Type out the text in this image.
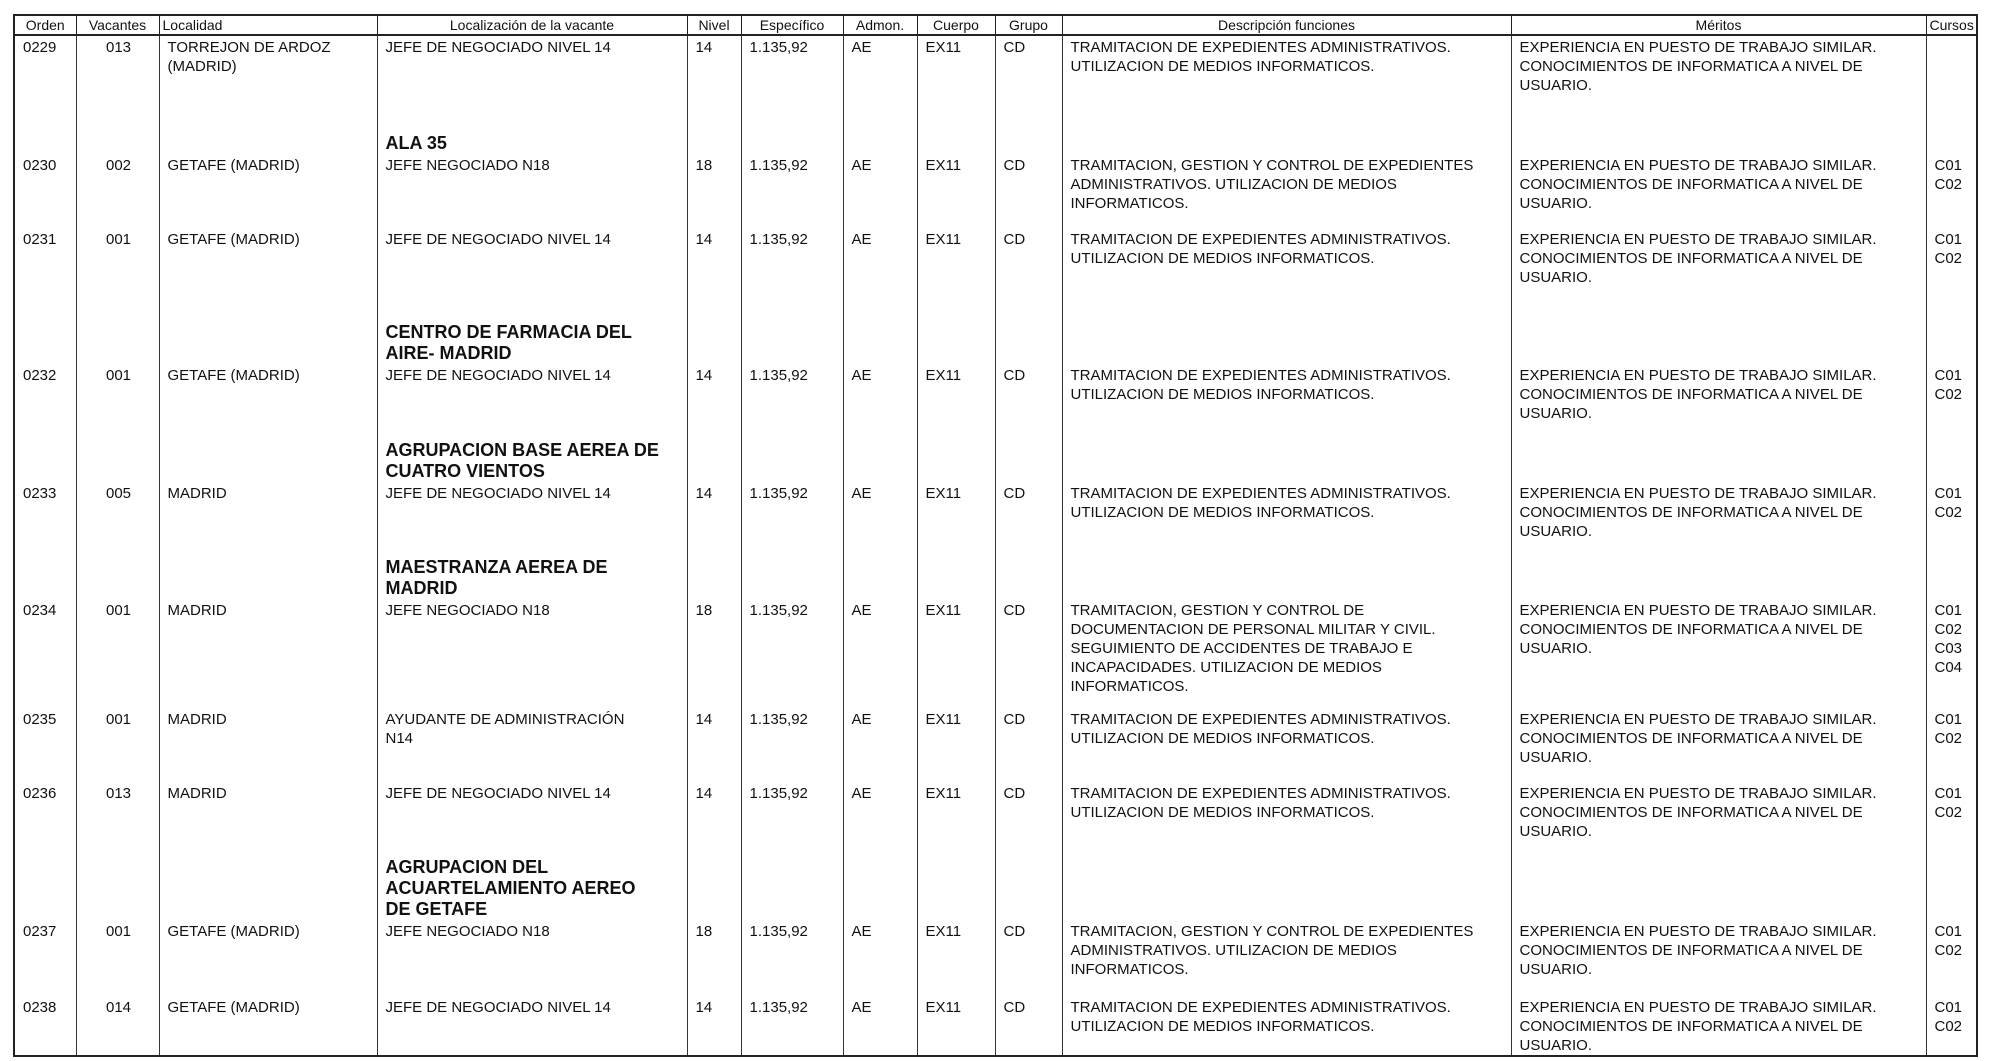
Orden	Vacantes	Localidad	Localización de la vacante	Nivel	Específico	Admon.	Cuerpo	Grupo	Descripción funciones	Méritos	Cursos
0229	013	TORREJON DE ARDOZ
(MADRID)	JEFE DE NEGOCIADO NIVEL 14	14	1.135,92	AE	EX11	CD	TRAMITACION DE EXPEDIENTES ADMINISTRATIVOS.
UTILIZACION DE MEDIOS INFORMATICOS.	EXPERIENCIA EN PUESTO DE TRABAJO SIMILAR.
CONOCIMIENTOS DE INFORMATICA A NIVEL DE
USUARIO.	

			ALA 35								

0230	002	GETAFE (MADRID)	JEFE NEGOCIADO N18	18	1.135,92	AE	EX11	CD	TRAMITACION, GESTION Y CONTROL DE EXPEDIENTES
ADMINISTRATIVOS. UTILIZACION DE MEDIOS
INFORMATICOS.	EXPERIENCIA EN PUESTO DE TRABAJO SIMILAR.
CONOCIMIENTOS DE INFORMATICA A NIVEL DE
USUARIO.	C01
C02
0231	001	GETAFE (MADRID)	JEFE DE NEGOCIADO NIVEL 14	14	1.135,92	AE	EX11	CD	TRAMITACION DE EXPEDIENTES ADMINISTRATIVOS.
UTILIZACION DE MEDIOS INFORMATICOS.	EXPERIENCIA EN PUESTO DE TRABAJO SIMILAR.
CONOCIMIENTOS DE INFORMATICA A NIVEL DE
USUARIO.	C01
C02

			CENTRO DE FARMACIA DEL
AIRE- MADRID								

0232	001	GETAFE (MADRID)	JEFE DE NEGOCIADO NIVEL 14	14	1.135,92	AE	EX11	CD	TRAMITACION DE EXPEDIENTES ADMINISTRATIVOS.
UTILIZACION DE MEDIOS INFORMATICOS.	EXPERIENCIA EN PUESTO DE TRABAJO SIMILAR.
CONOCIMIENTOS DE INFORMATICA A NIVEL DE
USUARIO.	C01
C02

			AGRUPACION BASE AEREA DE
CUATRO VIENTOS								

0233	005	MADRID	JEFE DE NEGOCIADO NIVEL 14	14	1.135,92	AE	EX11	CD	TRAMITACION DE EXPEDIENTES ADMINISTRATIVOS.
UTILIZACION DE MEDIOS INFORMATICOS.	EXPERIENCIA EN PUESTO DE TRABAJO SIMILAR.
CONOCIMIENTOS DE INFORMATICA A NIVEL DE
USUARIO.	C01
C02

			MAESTRANZA AEREA DE
MADRID								

0234	001	MADRID	JEFE NEGOCIADO N18	18	1.135,92	AE	EX11	CD	TRAMITACION, GESTION Y CONTROL DE
DOCUMENTACION DE PERSONAL MILITAR Y CIVIL.
SEGUIMIENTO DE ACCIDENTES DE TRABAJO E
INCAPACIDADES. UTILIZACION DE MEDIOS
INFORMATICOS.	EXPERIENCIA EN PUESTO DE TRABAJO SIMILAR.
CONOCIMIENTOS DE INFORMATICA A NIVEL DE
USUARIO.	C01
C02
C03
C04
0235	001	MADRID	AYUDANTE DE ADMINISTRACIÓN
N14	14	1.135,92	AE	EX11	CD	TRAMITACION DE EXPEDIENTES ADMINISTRATIVOS.
UTILIZACION DE MEDIOS INFORMATICOS.	EXPERIENCIA EN PUESTO DE TRABAJO SIMILAR.
CONOCIMIENTOS DE INFORMATICA A NIVEL DE
USUARIO.	C01
C02
0236	013	MADRID	JEFE DE NEGOCIADO NIVEL 14	14	1.135,92	AE	EX11	CD	TRAMITACION DE EXPEDIENTES ADMINISTRATIVOS.
UTILIZACION DE MEDIOS INFORMATICOS.	EXPERIENCIA EN PUESTO DE TRABAJO SIMILAR.
CONOCIMIENTOS DE INFORMATICA A NIVEL DE
USUARIO.	C01
C02

			AGRUPACION DEL
ACUARTELAMIENTO AEREO
DE GETAFE								

0237	001	GETAFE (MADRID)	JEFE NEGOCIADO N18	18	1.135,92	AE	EX11	CD	TRAMITACION, GESTION Y CONTROL DE EXPEDIENTES
ADMINISTRATIVOS. UTILIZACION DE MEDIOS
INFORMATICOS.	EXPERIENCIA EN PUESTO DE TRABAJO SIMILAR.
CONOCIMIENTOS DE INFORMATICA A NIVEL DE
USUARIO.	C01
C02
0238	014	GETAFE (MADRID)	JEFE DE NEGOCIADO NIVEL 14	14	1.135,92	AE	EX11	CD	TRAMITACION DE EXPEDIENTES ADMINISTRATIVOS.
UTILIZACION DE MEDIOS INFORMATICOS.	EXPERIENCIA EN PUESTO DE TRABAJO SIMILAR.
CONOCIMIENTOS DE INFORMATICA A NIVEL DE
USUARIO.	C01
C02
